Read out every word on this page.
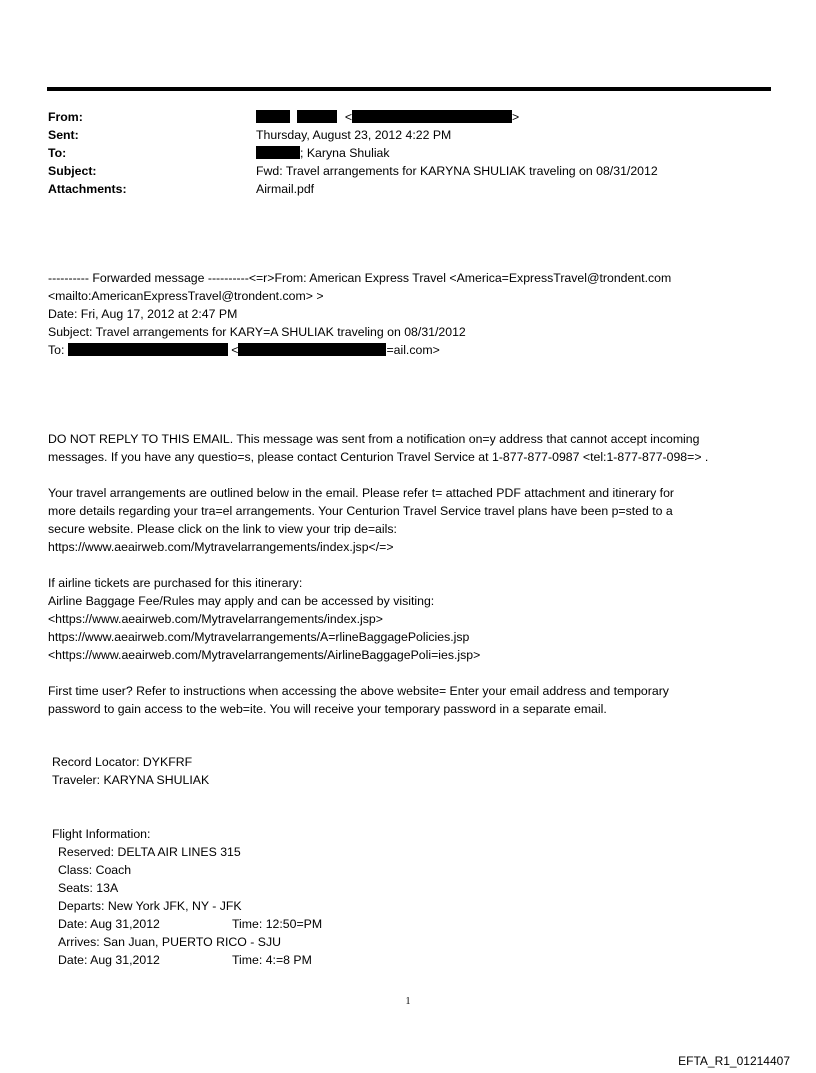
From:	<	>
Sent:	Thursday, August 23, 2012 4:22 PM
To:	; Karyna Shuliak
Subject:	Fwd: Travel arrangements for KARYNA SHULIAK traveling on 08/31/2012
Attachments:	Airmail.pdf
---------- Forwarded message ----------<=r>From: American Express Travel <America=ExpressTravel@trondent.com
<mailto:AmericanExpressTravel@trondent.com> >
Date: Fri, Aug 17, 2012 at 2:47 PM
Subject: Travel arrangements for KARY=A SHULIAK traveling on 08/31/2012
To:	<	=ail.com>
DO NOT REPLY TO THIS EMAIL. This message was sent from a notification on=y address that cannot accept incoming
messages. If you have any questio=s, please contact Centurion Travel Service at 1-877-877-0987 <tel:1-877-877-098=> .
Your travel arrangements are outlined below in the email. Please refer t= attached PDF attachment and itinerary for
more details regarding your tra=el arrangements. Your Centurion Travel Service travel plans have been p=sted to a
secure website. Please click on the link to view your trip de=ails:
https://www.aeairweb.com/Mytravelarrangements/index.jsp</=>
If airline tickets are purchased for this itinerary:
Airline Baggage Fee/Rules may apply and can be accessed by visiting:
<https://www.aeairweb.com/Mytravelarrangements/index.jsp>
https://www.aeairweb.com/Mytravelarrangements/A=rlineBaggagePolicies.jsp
<https://www.aeairweb.com/Mytravelarrangements/AirlineBaggagePoli=ies.jsp>
First time user? Refer to instructions when accessing the above website= Enter your email address and temporary
password to gain access to the web=ite. You will receive your temporary password in a separate email.
Record Locator: DYKFRF
Traveler: KARYNA SHULIAK
Flight Information:
Reserved: DELTA AIR LINES 315
Class: Coach
Seats: 13A
Departs: New York JFK, NY - JFK
Date: Aug 31,2012	Time: 12:50=PM
Arrives: San Juan, PUERTO RICO - SJU
Date: Aug 31,2012	Time: 4:=8 PM
1
EFTA_R1_01214407
